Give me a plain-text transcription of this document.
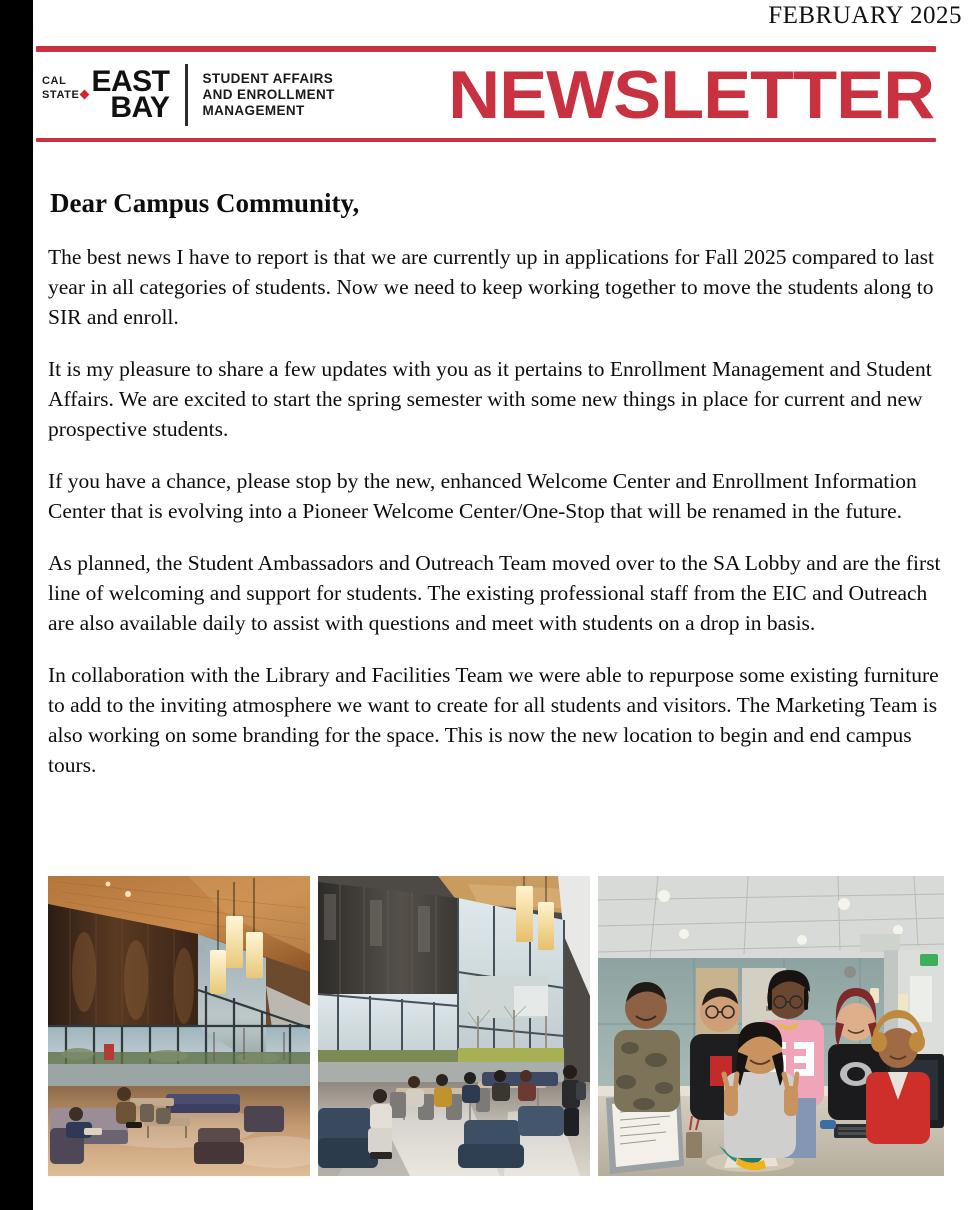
FEBRUARY 2025
CAL
STATE EAST
BAY
STUDENT AFFAIRS
AND ENROLLMENT
MANAGEMENT	NEWSLETTER
Dear Campus Community,

The best news I have to report is that we are currently up in applications for Fall 2025 compared to last year in all categories of students. Now we need to keep working together to move the students along to SIR and enroll.

It is my pleasure to share a few updates with you as it pertains to Enrollment Management and Student Affairs. We are excited to start the spring semester with some new things in place for current and new prospective students.

If you have a chance, please stop by the new, enhanced Welcome Center and Enrollment Information Center that is evolving into a Pioneer Welcome Center/One-Stop that will be renamed in the future.

As planned, the Student Ambassadors and Outreach Team moved over to the SA Lobby and are the first line of welcoming and support for students. The existing professional staff from the EIC and Outreach are also available daily to assist with questions and meet with students on a drop in basis.

In collaboration with the Library and Facilities Team we were able to repurpose some existing furniture to add to the inviting atmosphere we want to create for all students and visitors. The Marketing Team is also working on some branding for the space. This is now the new location to begin and end campus tours.
